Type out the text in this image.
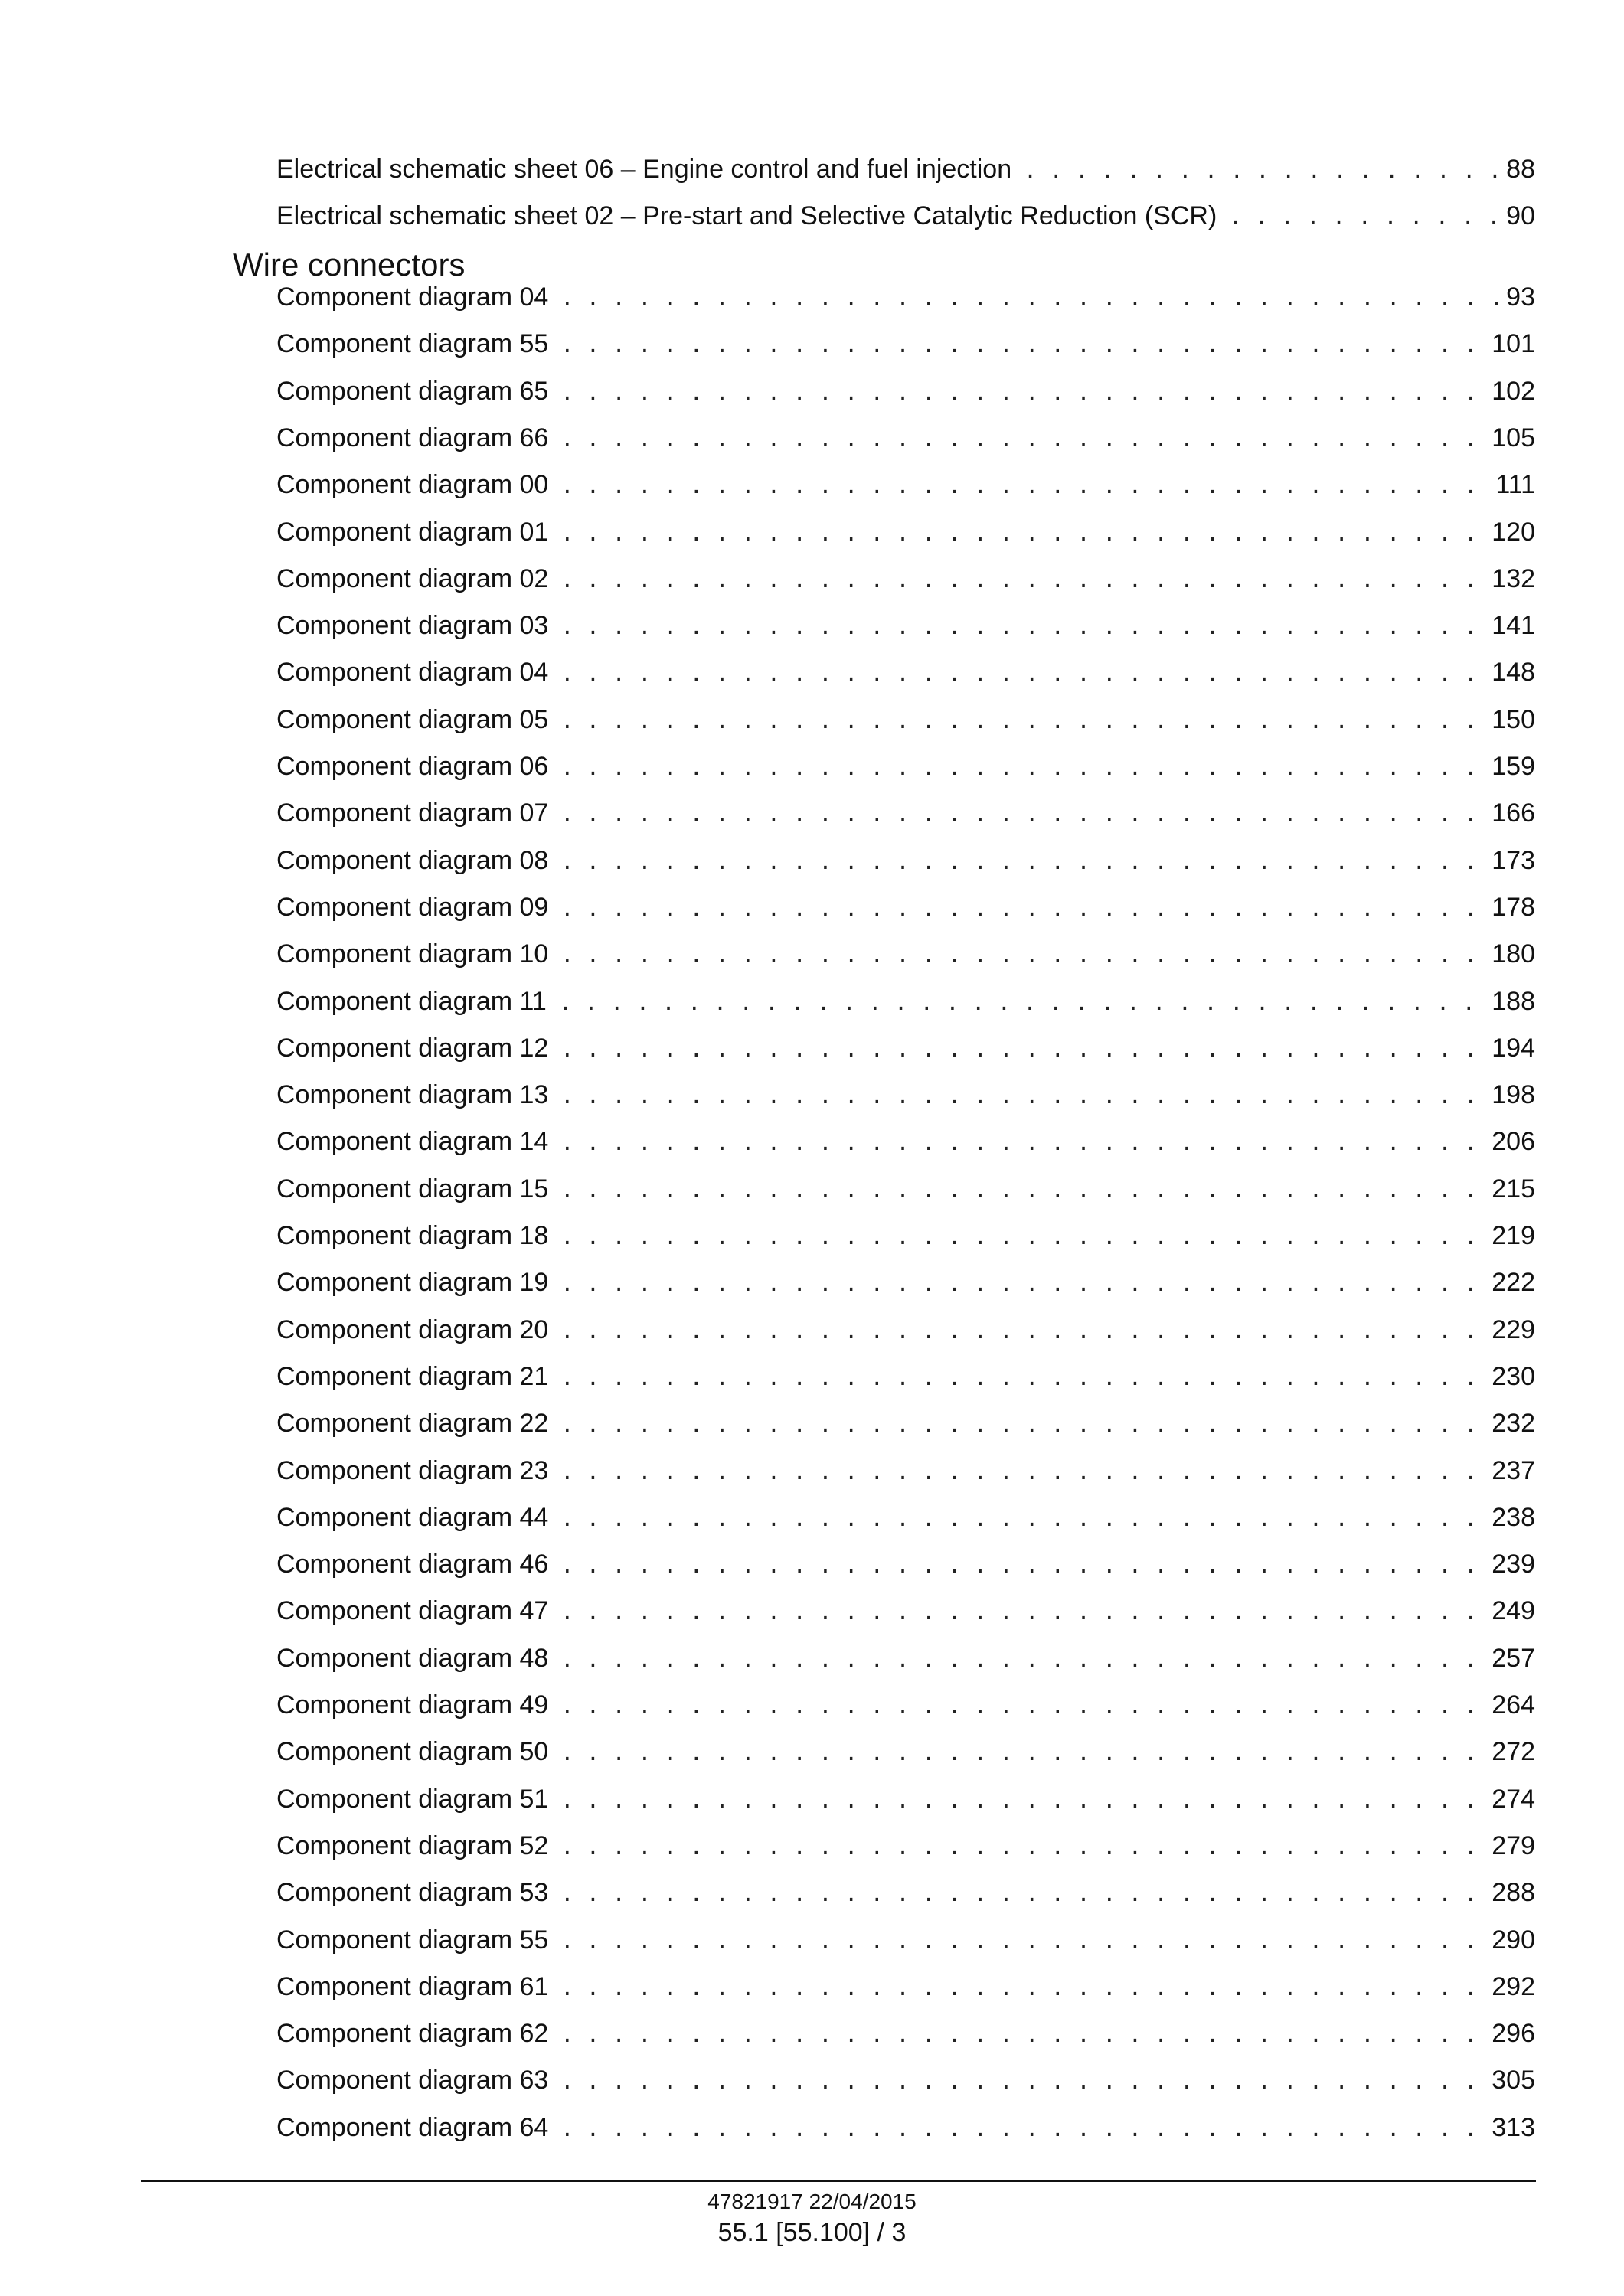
Electrical schematic sheet 06 – Engine control and fuel injection . . .	88
Electrical schematic sheet 02 – Pre-start and Selective Catalytic Reduction (SCR) . . .	90
Component diagram 04 . . .	93
Component diagram 55 . . .	101
Component diagram 65 . . .	102
Component diagram 66 . . .	105
Component diagram 00 . . .	111
Component diagram 01 . . .	120
Component diagram 02 . . .	132
Component diagram 03 . . .	141
Component diagram 04 . . .	148
Component diagram 05 . . .	150
Component diagram 06 . . .	159
Component diagram 07 . . .	166
Component diagram 08 . . .	173
Component diagram 09 . . .	178
Component diagram 10 . . .	180
Component diagram 11 . . .	188
Component diagram 12 . . .	194
Component diagram 13 . . .	198
Component diagram 14 . . .	206
Component diagram 15 . . .	215
Component diagram 18 . . .	219
Component diagram 19 . . .	222
Component diagram 20 . . .	229
Component diagram 21 . . .	230
Component diagram 22 . . .	232
Component diagram 23 . . .	237
Component diagram 44 . . .	238
Component diagram 46 . . .	239
Component diagram 47 . . .	249
Component diagram 48 . . .	257
Component diagram 49 . . .	264
Component diagram 50 . . .	272
Component diagram 51 . . .	274
Component diagram 52 . . .	279
Component diagram 53 . . .	288
Component diagram 55 . . .	290
Component diagram 61 . . .	292
Component diagram 62 . . .	296
Component diagram 63 . . .	305
Component diagram 64 . . .	313
Wire connectors
47821917 22/04/2015
55.1 [55.100] / 3
